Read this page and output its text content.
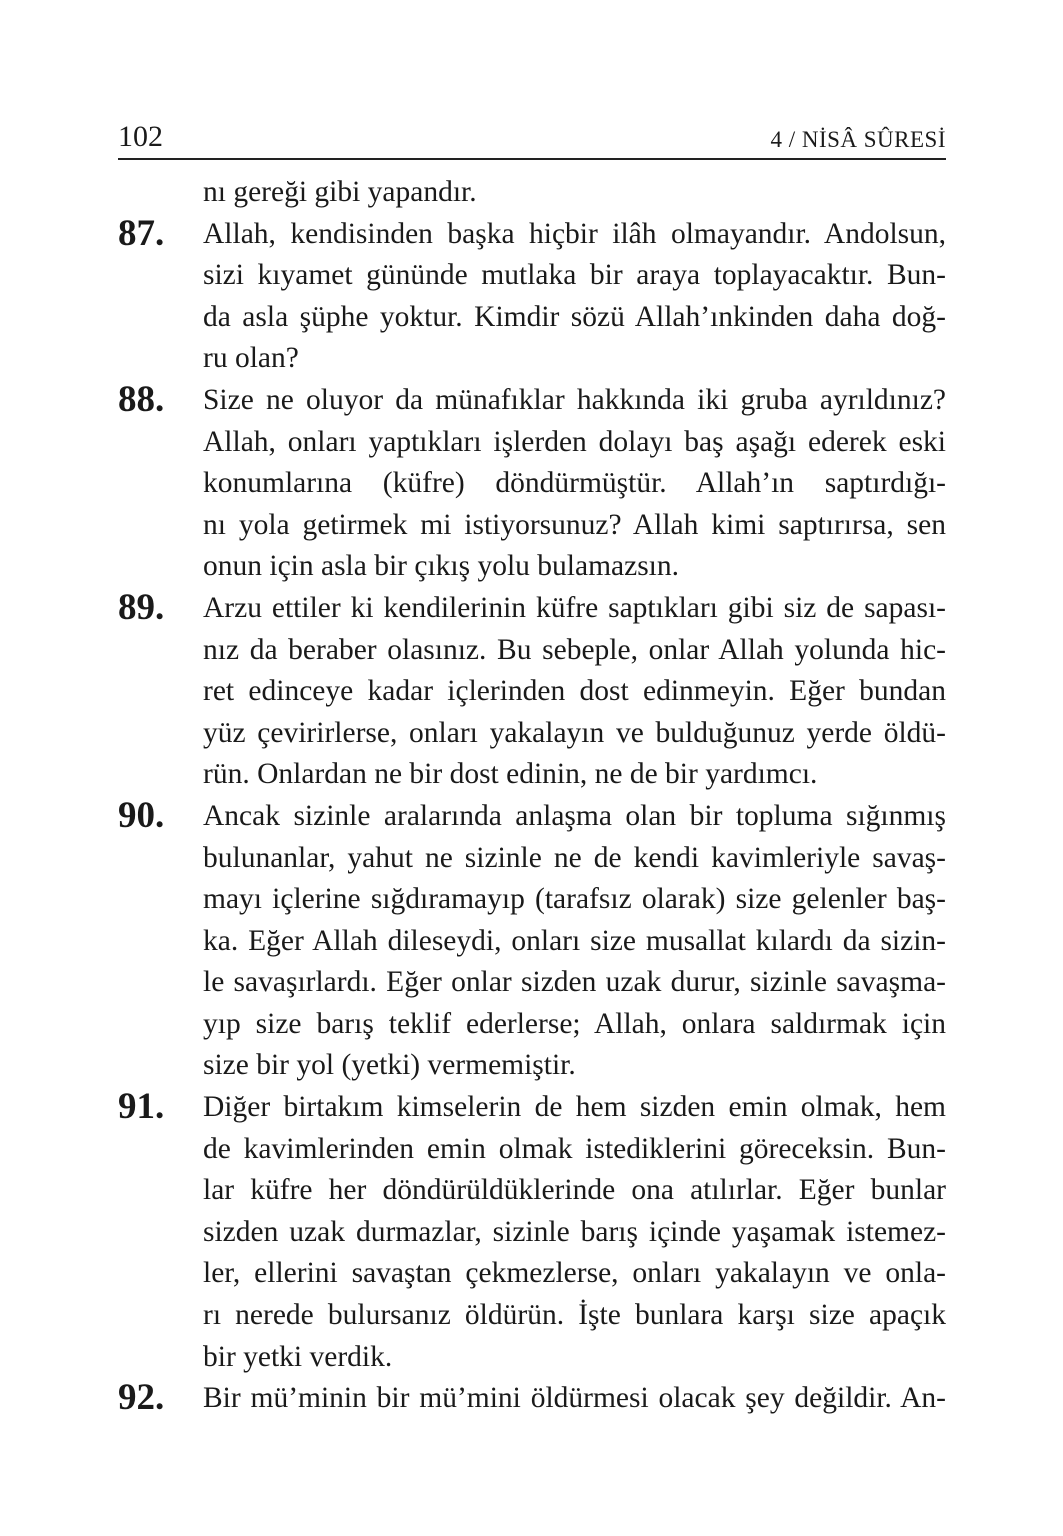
102	4 / NİSÂ SÛRESİ
nı gereği gibi yapandır.
87.	Allah, kendisinden başka hiçbir ilâh olmayandır. Andolsun,
sizi kıyamet gününde mutlaka bir araya toplayacaktır. Bun-
da asla şüphe yoktur. Kimdir sözü Allah’ınkinden daha doğ-
ru olan?
88.	Size ne oluyor da münafıklar hakkında iki gruba ayrıldınız?
Allah, onları yaptıkları işlerden dolayı baş aşağı ederek eski
konumlarına (küfre) döndürmüştür. Allah’ın saptırdığı-
nı yola getirmek mi istiyorsunuz? Allah kimi saptırırsa, sen
onun için asla bir çıkış yolu bulamazsın.
89.	Arzu ettiler ki kendilerinin küfre saptıkları gibi siz de sapası-
nız da beraber olasınız. Bu sebeple, onlar Allah yolunda hic-
ret edinceye kadar içlerinden dost edinmeyin. Eğer bundan
yüz çevirirlerse, onları yakalayın ve bulduğunuz yerde öldü-
rün. Onlardan ne bir dost edinin, ne de bir yardımcı.
90.	Ancak sizinle aralarında anlaşma olan bir topluma sığınmış
bulunanlar, yahut ne sizinle ne de kendi kavimleriyle savaş-
mayı içlerine sığdıramayıp (tarafsız olarak) size gelenler baş-
ka. Eğer Allah dileseydi, onları size musallat kılardı da sizin-
le savaşırlardı. Eğer onlar sizden uzak durur, sizinle savaşma-
yıp size barış teklif ederlerse; Allah, onlara saldırmak için
size bir yol (yetki) vermemiştir.
91.	Diğer birtakım kimselerin de hem sizden emin olmak, hem
de kavimlerinden emin olmak istediklerini göreceksin. Bun-
lar küfre her döndürüldüklerinde ona atılırlar. Eğer bunlar
sizden uzak durmazlar, sizinle barış içinde yaşamak istemez-
ler, ellerini savaştan çekmezlerse, onları yakalayın ve onla-
rı nerede bulursanız öldürün. İşte bunlara karşı size apaçık
bir yetki verdik.
92.	Bir mü’minin bir mü’mini öldürmesi olacak şey değildir. An-
